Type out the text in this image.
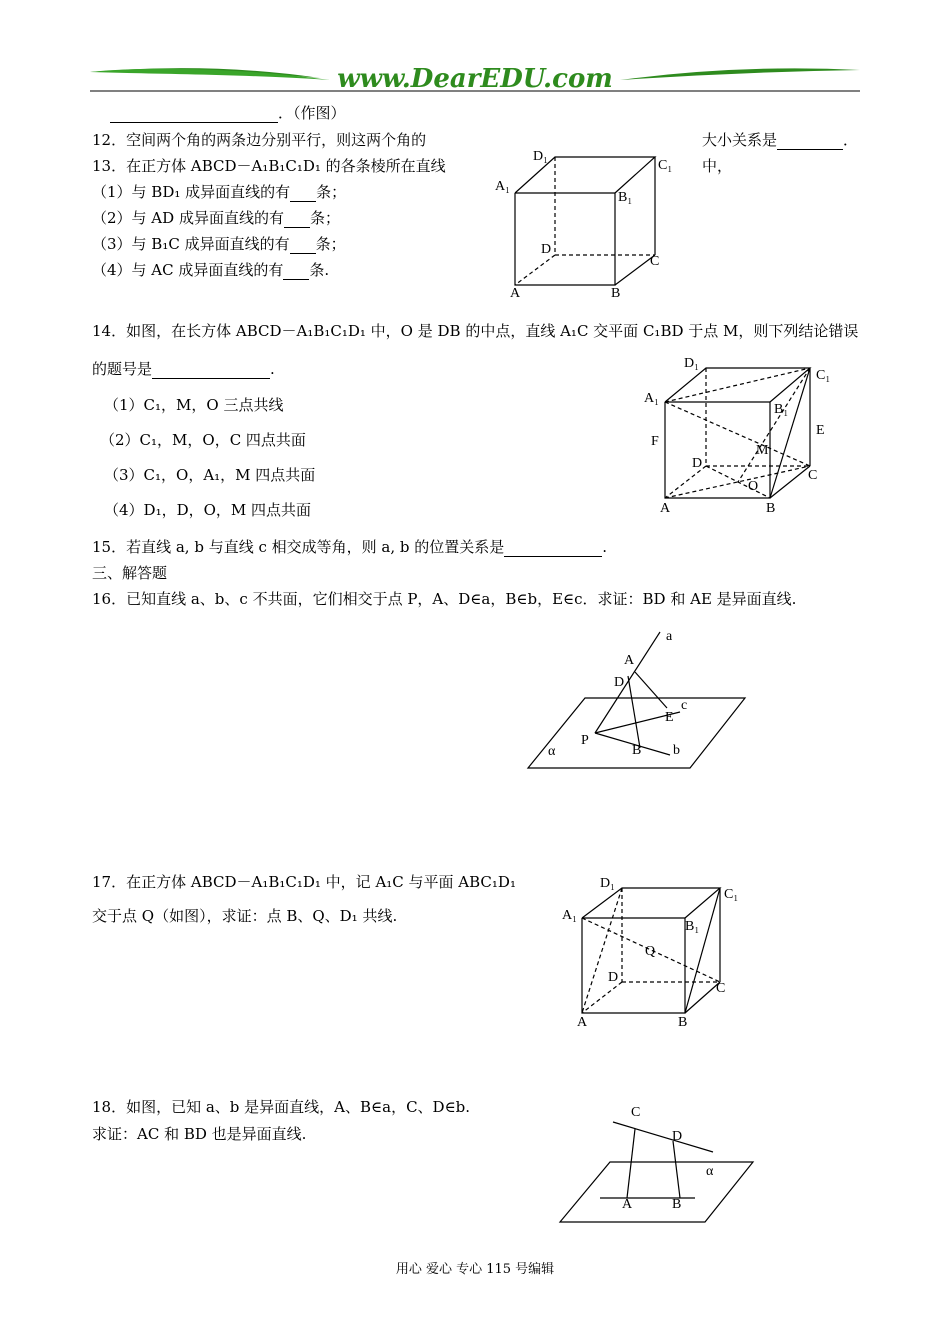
www.DearEDU.com
．（作图）
12．空间两个角的两条边分别平行，则这两个角的	大小关系是	．
13．在正方体 ABCD－A₁B₁C₁D₁ 的各条棱所在直线	中，
（1）与 BD₁ 成异面直线的有 条；
（2）与 AD 成异面直线的有 条；
（3）与 B₁C 成异面直线的有 条；
（4）与 AC 成异面直线的有 条.
D₁
C₁
A₁
B₁
D
C
A	B
14．如图，在长方体 ABCD－A₁B₁C₁D₁ 中，O 是 DB 的中点，直线 A₁C 交平面 C₁BD 于点 M，则下列结论错误
的题号是	.
（1）C₁，M，O 三点共线
（2）C₁，M，O，C 四点共面
（3）C₁，O，A₁，M 四点共面
（4）D₁，D，O，M 四点共面
D₁
C₁
A₁
B₁
E
F
M
D
C
O
A	B
15．若直线 a, b 与直线 c 相交成等角，则 a, b 的位置关系是	.
三、解答题
16．已知直线 a、b、c 不共面，它们相交于点 P，A、D∈a，B∈b，E∈c．求证：BD 和 AE 是异面直线.
a
A
D
c
E
P
B b
α
17．在正方体 ABCD－A₁B₁C₁D₁ 中，记 A₁C 与平面 ABC₁D₁
交于点 Q（如图），求证：点 B、Q、D₁ 共线.
D₁
C₁
A₁
B₁
Q
D
C
A	B
18．如图，已知 a、b 是异面直线，A、B∈a，C、D∈b.
求证：AC 和 BD 也是异面直线.
C
D
α
A	B
用心 爱心 专心 115 号编辑
